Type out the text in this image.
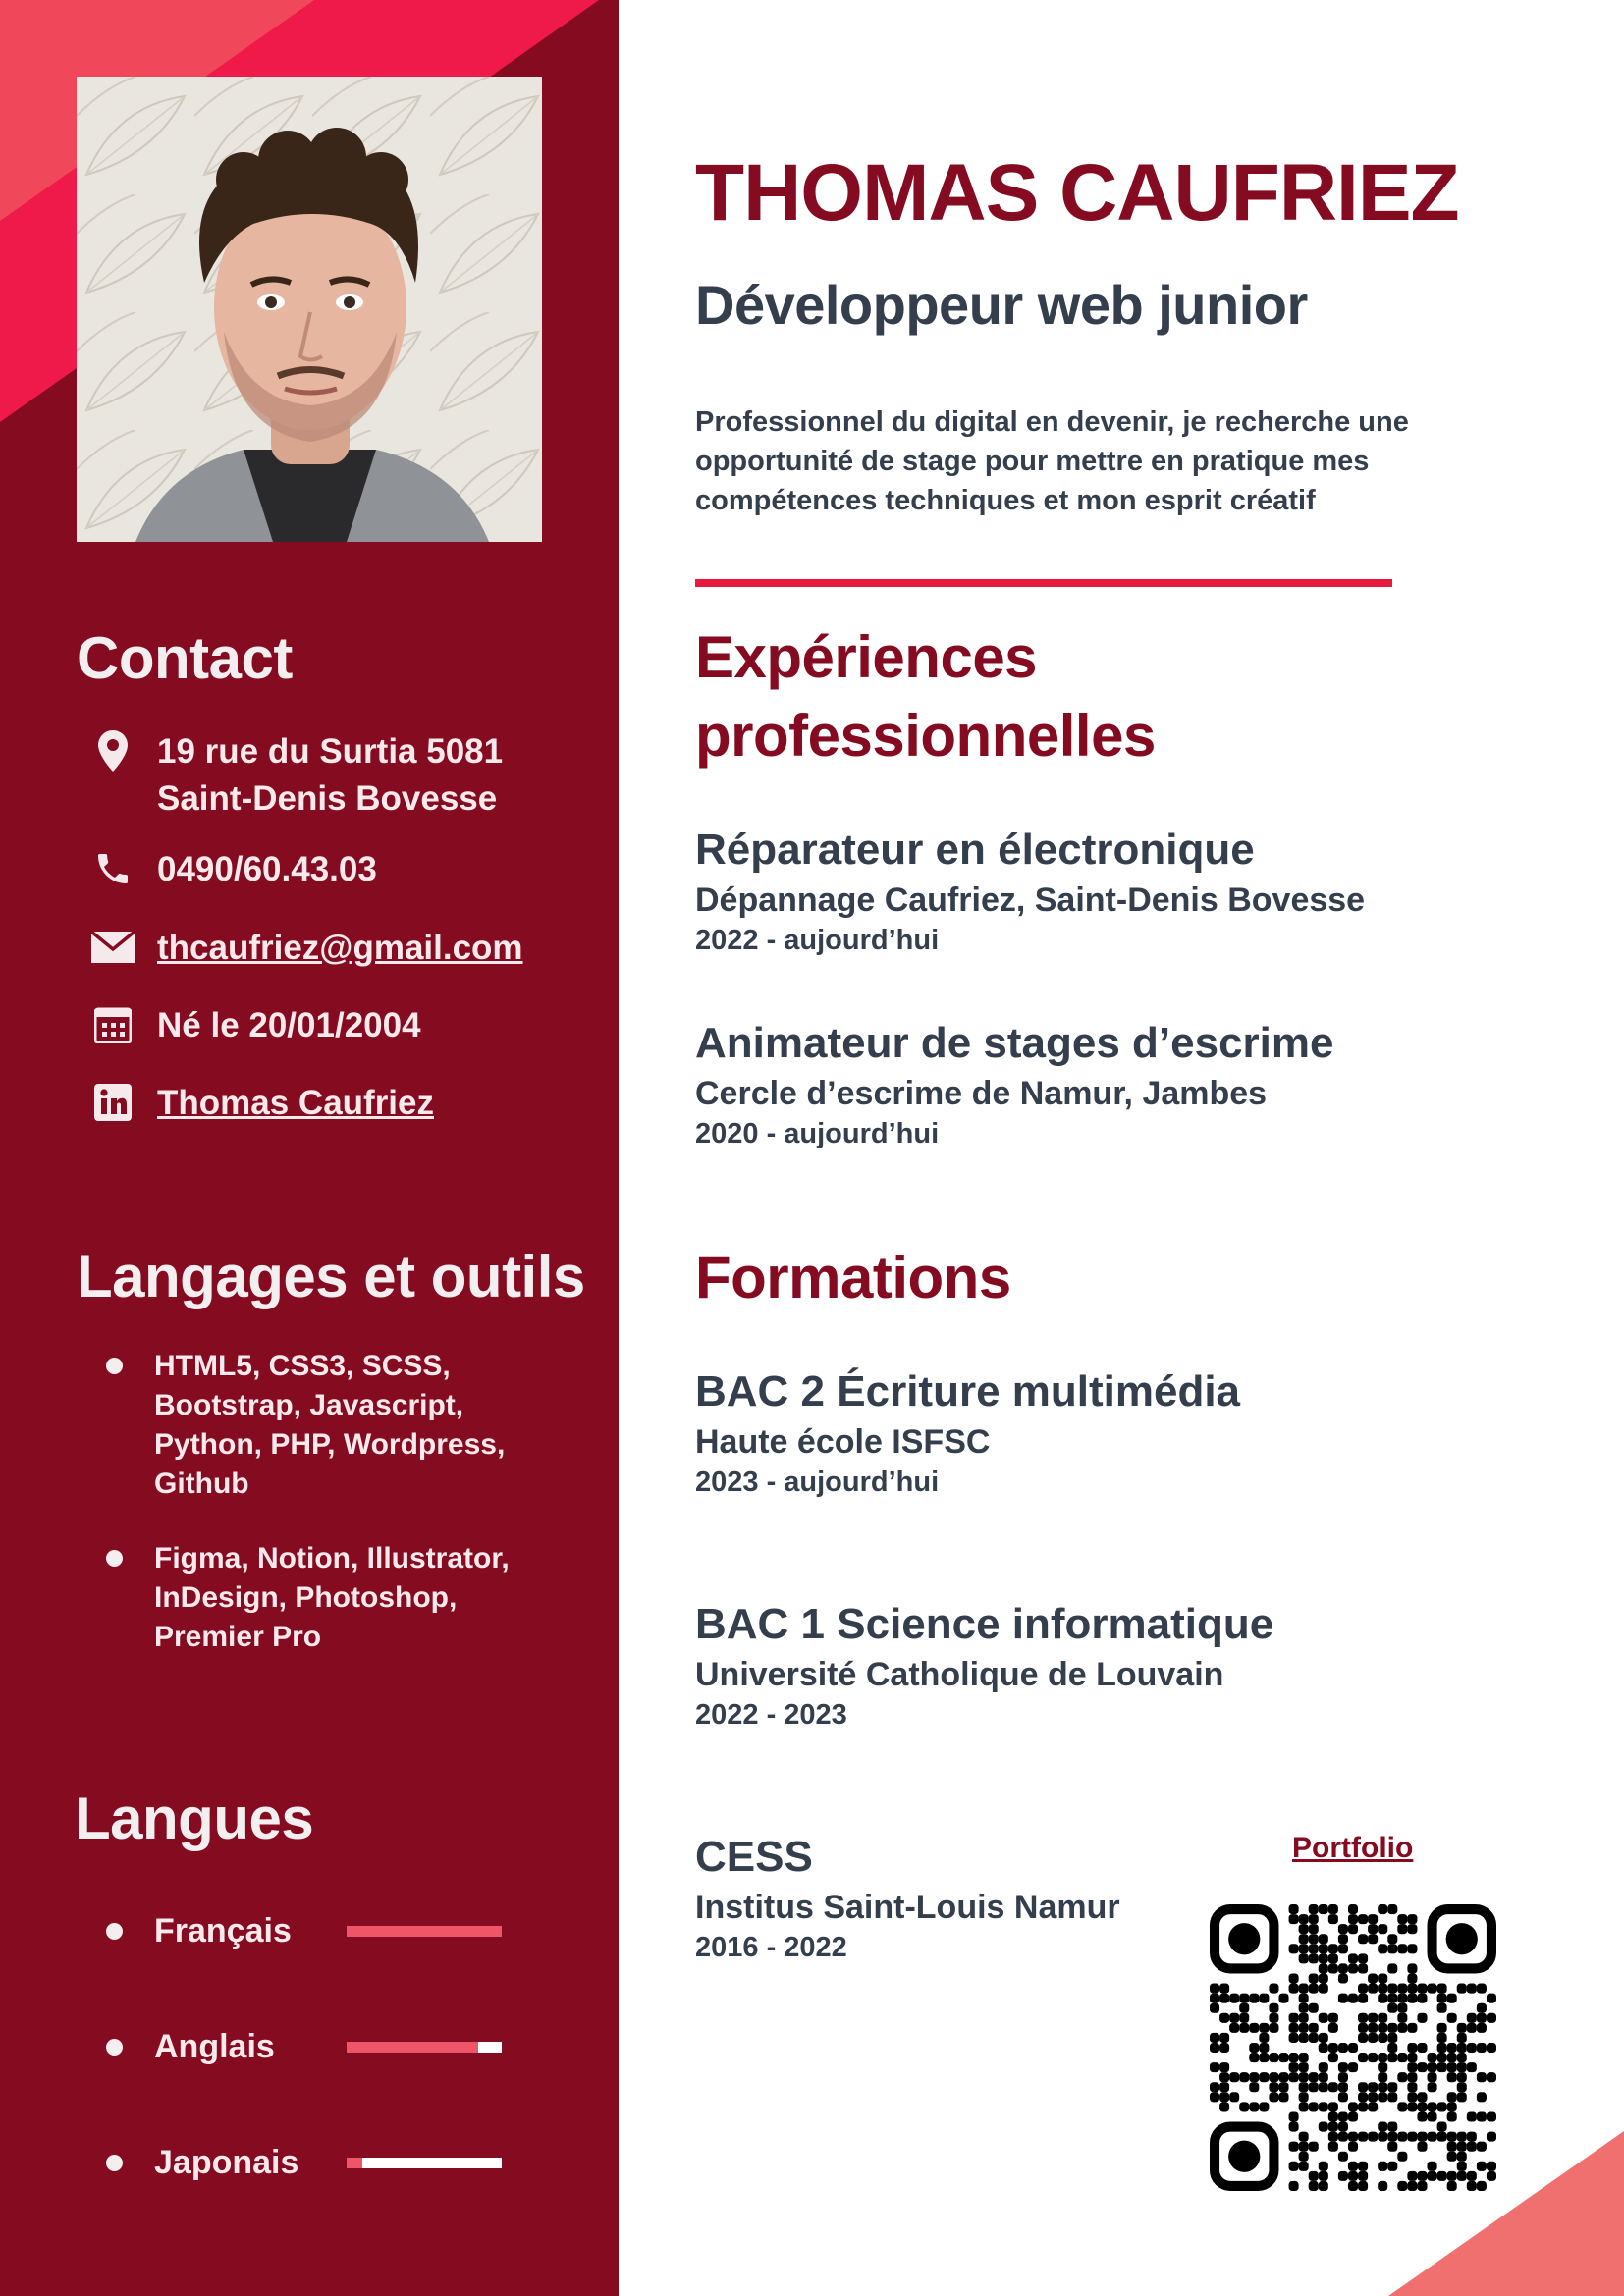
Contact
19 rue du Surtia 5081
Saint-Denis Bovesse
0490/60.43.03
thcaufriez@gmail.com
Né le 20/01/2004
Thomas Caufriez
Langages et outils
HTML5, CSS3, SCSS, Bootstrap, Javascript, Python, PHP, Wordpress, Github
Figma, Notion, Illustrator, InDesign, Photoshop, Premier Pro
Langues
Français
Anglais
Japonais
THOMAS CAUFRIEZ
Développeur web junior

Professionnel du digital en devenir, je recherche une opportunité de stage pour mettre en pratique mes compétences techniques et mon esprit créatif

Expériences professionnelles

Réparateur en électronique

Dépannage Caufriez, Saint-Denis Bovesse

2022 - aujourd’hui

Animateur de stages d’escrime

Cercle d’escrime de Namur, Jambes

2020 - aujourd’hui

Formations

BAC 2 Écriture multimédia

Haute école ISFSC

2023 - aujourd’hui

BAC 1 Science informatique

Université Catholique de Louvain

2022 - 2023

CESS

Institus Saint-Louis Namur

2016 - 2022

Portfolio
